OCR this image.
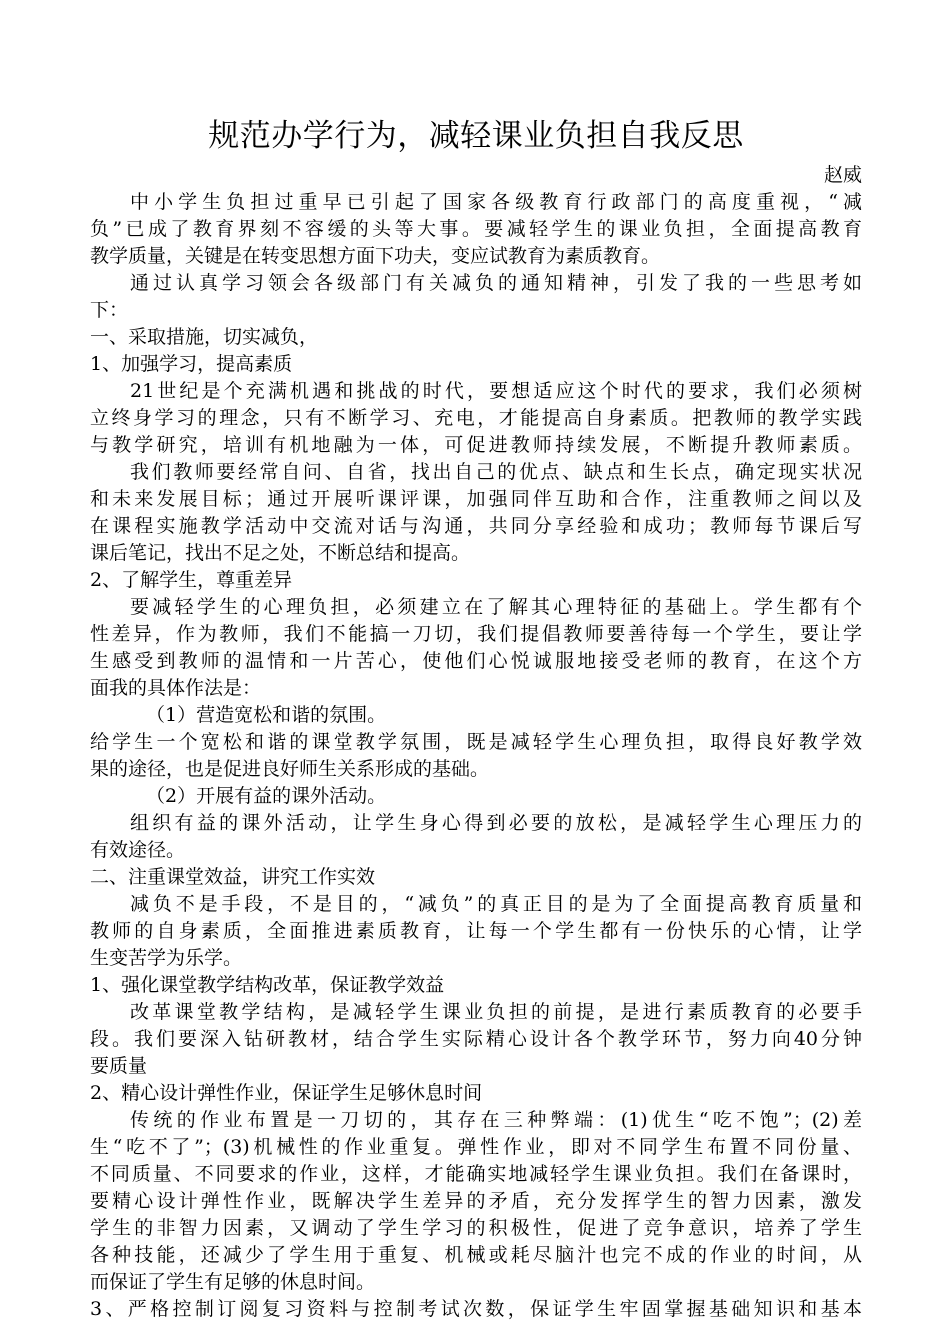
规范办学行为，减轻课业负担自我反思

赵威

中小学生负担过重早已引起了国家各级教育行政部门的高度重视，“减

负”已成了教育界刻不容缓的头等大事。要减轻学生的课业负担，全面提高教育

教学质量，关键是在转变思想方面下功夫，变应试教育为素质教育。

通过认真学习领会各级部门有关减负的通知精神，引发了我的一些思考如

下：

一、采取措施，切实减负，

1、加强学习，提高素质

21世纪是个充满机遇和挑战的时代，要想适应这个时代的要求，我们必须树

立终身学习的理念，只有不断学习、充电，才能提高自身素质。把教师的教学实践

与教学研究，培训有机地融为一体，可促进教师持续发展，不断提升教师素质。

我们教师要经常自问、自省，找出自己的优点、缺点和生长点，确定现实状况

和未来发展目标；通过开展听课评课，加强同伴互助和合作，注重教师之间以及

在课程实施教学活动中交流对话与沟通，共同分享经验和成功；教师每节课后写

课后笔记，找出不足之处，不断总结和提高。

2、了解学生，尊重差异

要减轻学生的心理负担，必须建立在了解其心理特征的基础上。学生都有个

性差异，作为教师，我们不能搞一刀切，我们提倡教师要善待每一个学生，要让学

生感受到教师的温情和一片苦心，使他们心悦诚服地接受老师的教育，在这个方

面我的具体作法是：

（1）营造宽松和谐的氛围。

给学生一个宽松和谐的课堂教学氛围，既是减轻学生心理负担，取得良好教学效

果的途径，也是促进良好师生关系形成的基础。

（2）开展有益的课外活动。

组织有益的课外活动，让学生身心得到必要的放松，是减轻学生心理压力的

有效途径。

二、注重课堂效益，讲究工作实效

减负不是手段，不是目的，“减负”的真正目的是为了全面提高教育质量和

教师的自身素质，全面推进素质教育，让每一个学生都有一份快乐的心情，让学

生变苦学为乐学。

1、强化课堂教学结构改革，保证教学效益

改革课堂教学结构，是减轻学生课业负担的前提，是进行素质教育的必要手

段。我们要深入钻研教材，结合学生实际精心设计各个教学环节，努力向40分钟

要质量

2、精心设计弹性作业，保证学生足够休息时间

传统的作业布置是一刀切的，其存在三种弊端：(1)优生“吃不饱”；(2)差

生“吃不了”；(3)机械性的作业重复。弹性作业，即对不同学生布置不同份量、

不同质量、不同要求的作业，这样，才能确实地减轻学生课业负担。我们在备课时，

要精心设计弹性作业，既解决学生差异的矛盾，充分发挥学生的智力因素，激发

学生的非智力因素，又调动了学生学习的积极性，促进了竞争意识，培养了学生

各种技能，还减少了学生用于重复、机械或耗尽脑汁也完不成的作业的时间，从

而保证了学生有足够的休息时间。

3、严格控制订阅复习资料与控制考试次数，保证学生牢固掌握基础知识和基本
